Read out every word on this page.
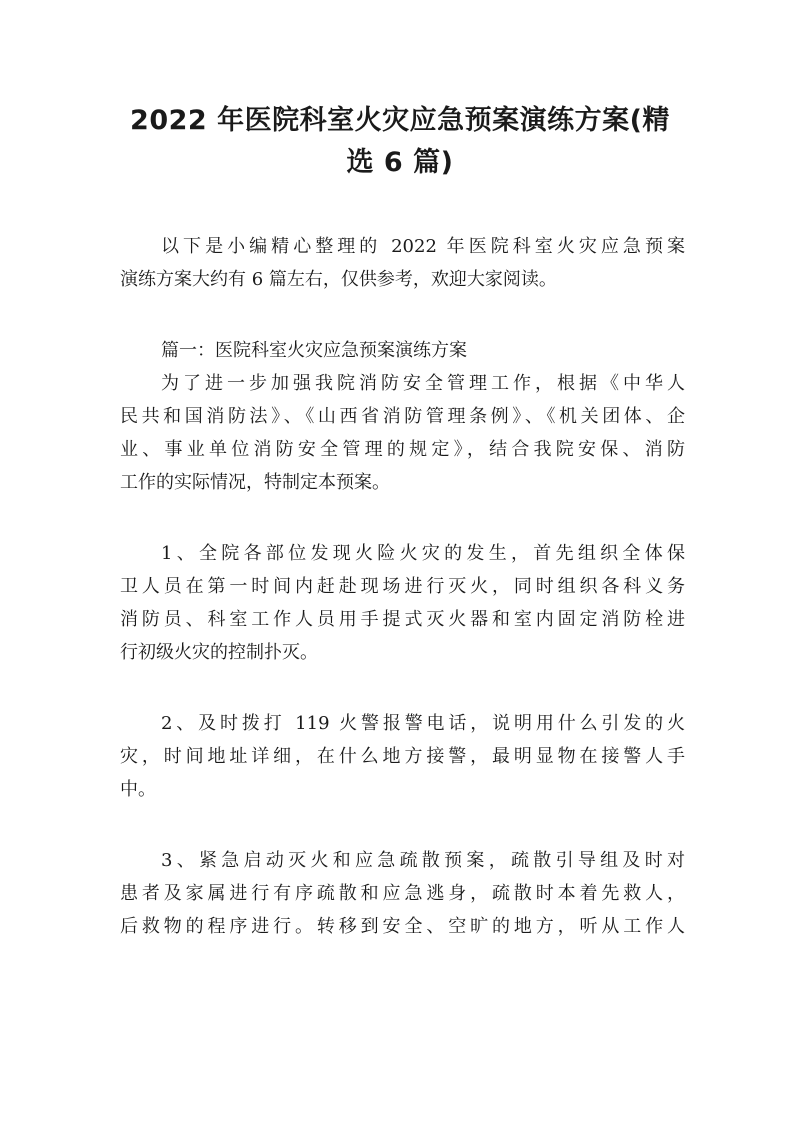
2022 年医院科室火灾应急预案演练方案(精
选 6 篇)
以下是小编精心整理的 2022 年医院科室火灾应急预案
演练方案大约有 6 篇左右，仅供参考，欢迎大家阅读。
篇一：医院科室火灾应急预案演练方案
为了进一步加强我院消防安全管理工作，根据《中华人
民共和国消防法》、《山西省消防管理条例》、《机关团体、企
业、事业单位消防安全管理的规定》，结合我院安保、消防
工作的实际情况，特制定本预案。
1、全院各部位发现火险火灾的发生，首先组织全体保
卫人员在第一时间内赶赴现场进行灭火，同时组织各科义务
消防员、科室工作人员用手提式灭火器和室内固定消防栓进
行初级火灾的控制扑灭。
2、及时拨打 119 火警报警电话，说明用什么引发的火
灾，时间地址详细，在什么地方接警，最明显物在接警人手
中。
3、紧急启动灭火和应急疏散预案，疏散引导组及时对
患者及家属进行有序疏散和应急逃身，疏散时本着先救人，
后救物的程序进行。转移到安全、空旷的地方，听从工作人
